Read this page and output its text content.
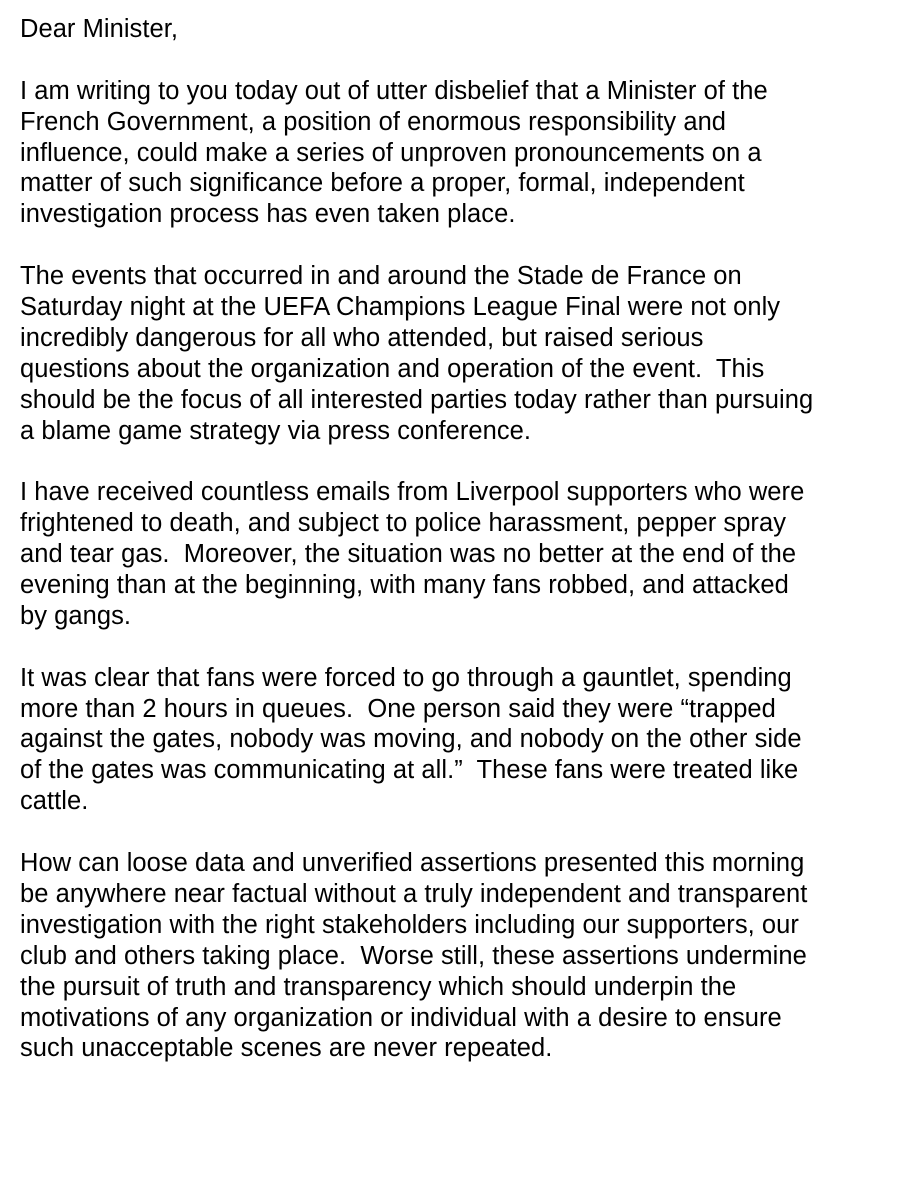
Dear Minister,
I am writing to you today out of utter disbelief that a Minister of the
French Government, a position of enormous responsibility and
influence, could make a series of unproven pronouncements on a
matter of such significance before a proper, formal, independent
investigation process has even taken place.
The events that occurred in and around the Stade de France on
Saturday night at the UEFA Champions League Final were not only
incredibly dangerous for all who attended, but raised serious
questions about the organization and operation of the event.  This
should be the focus of all interested parties today rather than pursuing
a blame game strategy via press conference.
I have received countless emails from Liverpool supporters who were
frightened to death, and subject to police harassment, pepper spray
and tear gas.  Moreover, the situation was no better at the end of the
evening than at the beginning, with many fans robbed, and attacked
by gangs.
It was clear that fans were forced to go through a gauntlet, spending
more than 2 hours in queues.  One person said they were “trapped
against the gates, nobody was moving, and nobody on the other side
of the gates was communicating at all.”  These fans were treated like
cattle.
How can loose data and unverified assertions presented this morning
be anywhere near factual without a truly independent and transparent
investigation with the right stakeholders including our supporters, our
club and others taking place.  Worse still, these assertions undermine
the pursuit of truth and transparency which should underpin the
motivations of any organization or individual with a desire to ensure
such unacceptable scenes are never repeated.
